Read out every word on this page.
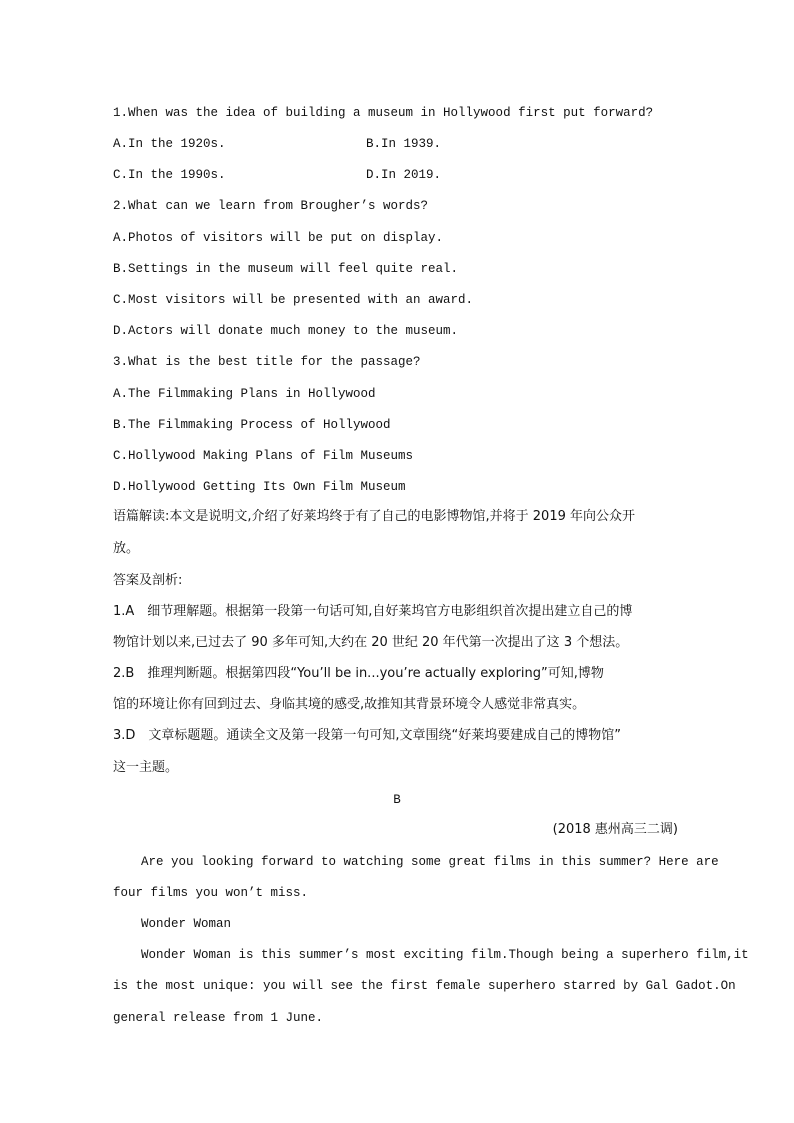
1.When was the idea of building a museum in Hollywood first put forward?
A.In the 1920s.	B.In 1939.
C.In the 1990s.	D.In 2019.
2.What can we learn from Brougher’s words?
A.Photos of visitors will be put on display.
B.Settings in the museum will feel quite real.
C.Most visitors will be presented with an award.
D.Actors will donate much money to the museum.
3.What is the best title for the passage?
A.The Filmmaking Plans in Hollywood
B.The Filmmaking Process of Hollywood
C.Hollywood Making Plans of Film Museums
D.Hollywood Getting Its Own Film Museum
语篇解读:本文是说明文,介绍了好莱坞终于有了自己的电影博物馆,并将于 2019 年向公众开
放。
答案及剖析:
1.A　细节理解题。根据第一段第一句话可知,自好莱坞官方电影组织首次提出建立自己的博
物馆计划以来,已过去了 90 多年可知,大约在 20 世纪 20 年代第一次提出了这 3 个想法。
2.B　推理判断题。根据第四段“You’ll be in...you’re actually exploring”可知,博物
馆的环境让你有回到过去、身临其境的感受,故推知其背景环境令人感觉非常真实。
3.D　文章标题题。通读全文及第一段第一句可知,文章围绕“好莱坞要建成自己的博物馆”
这一主题。
B
(2018 惠州高三二调)
Are you looking forward to watching some great films in this summer? Here are
four films you won’t miss.
Wonder Woman
Wonder Woman is this summer’s most exciting film.Though being a superhero film,it
is the most unique: you will see the first female superhero starred by Gal Gadot.On
general release from 1 June.
